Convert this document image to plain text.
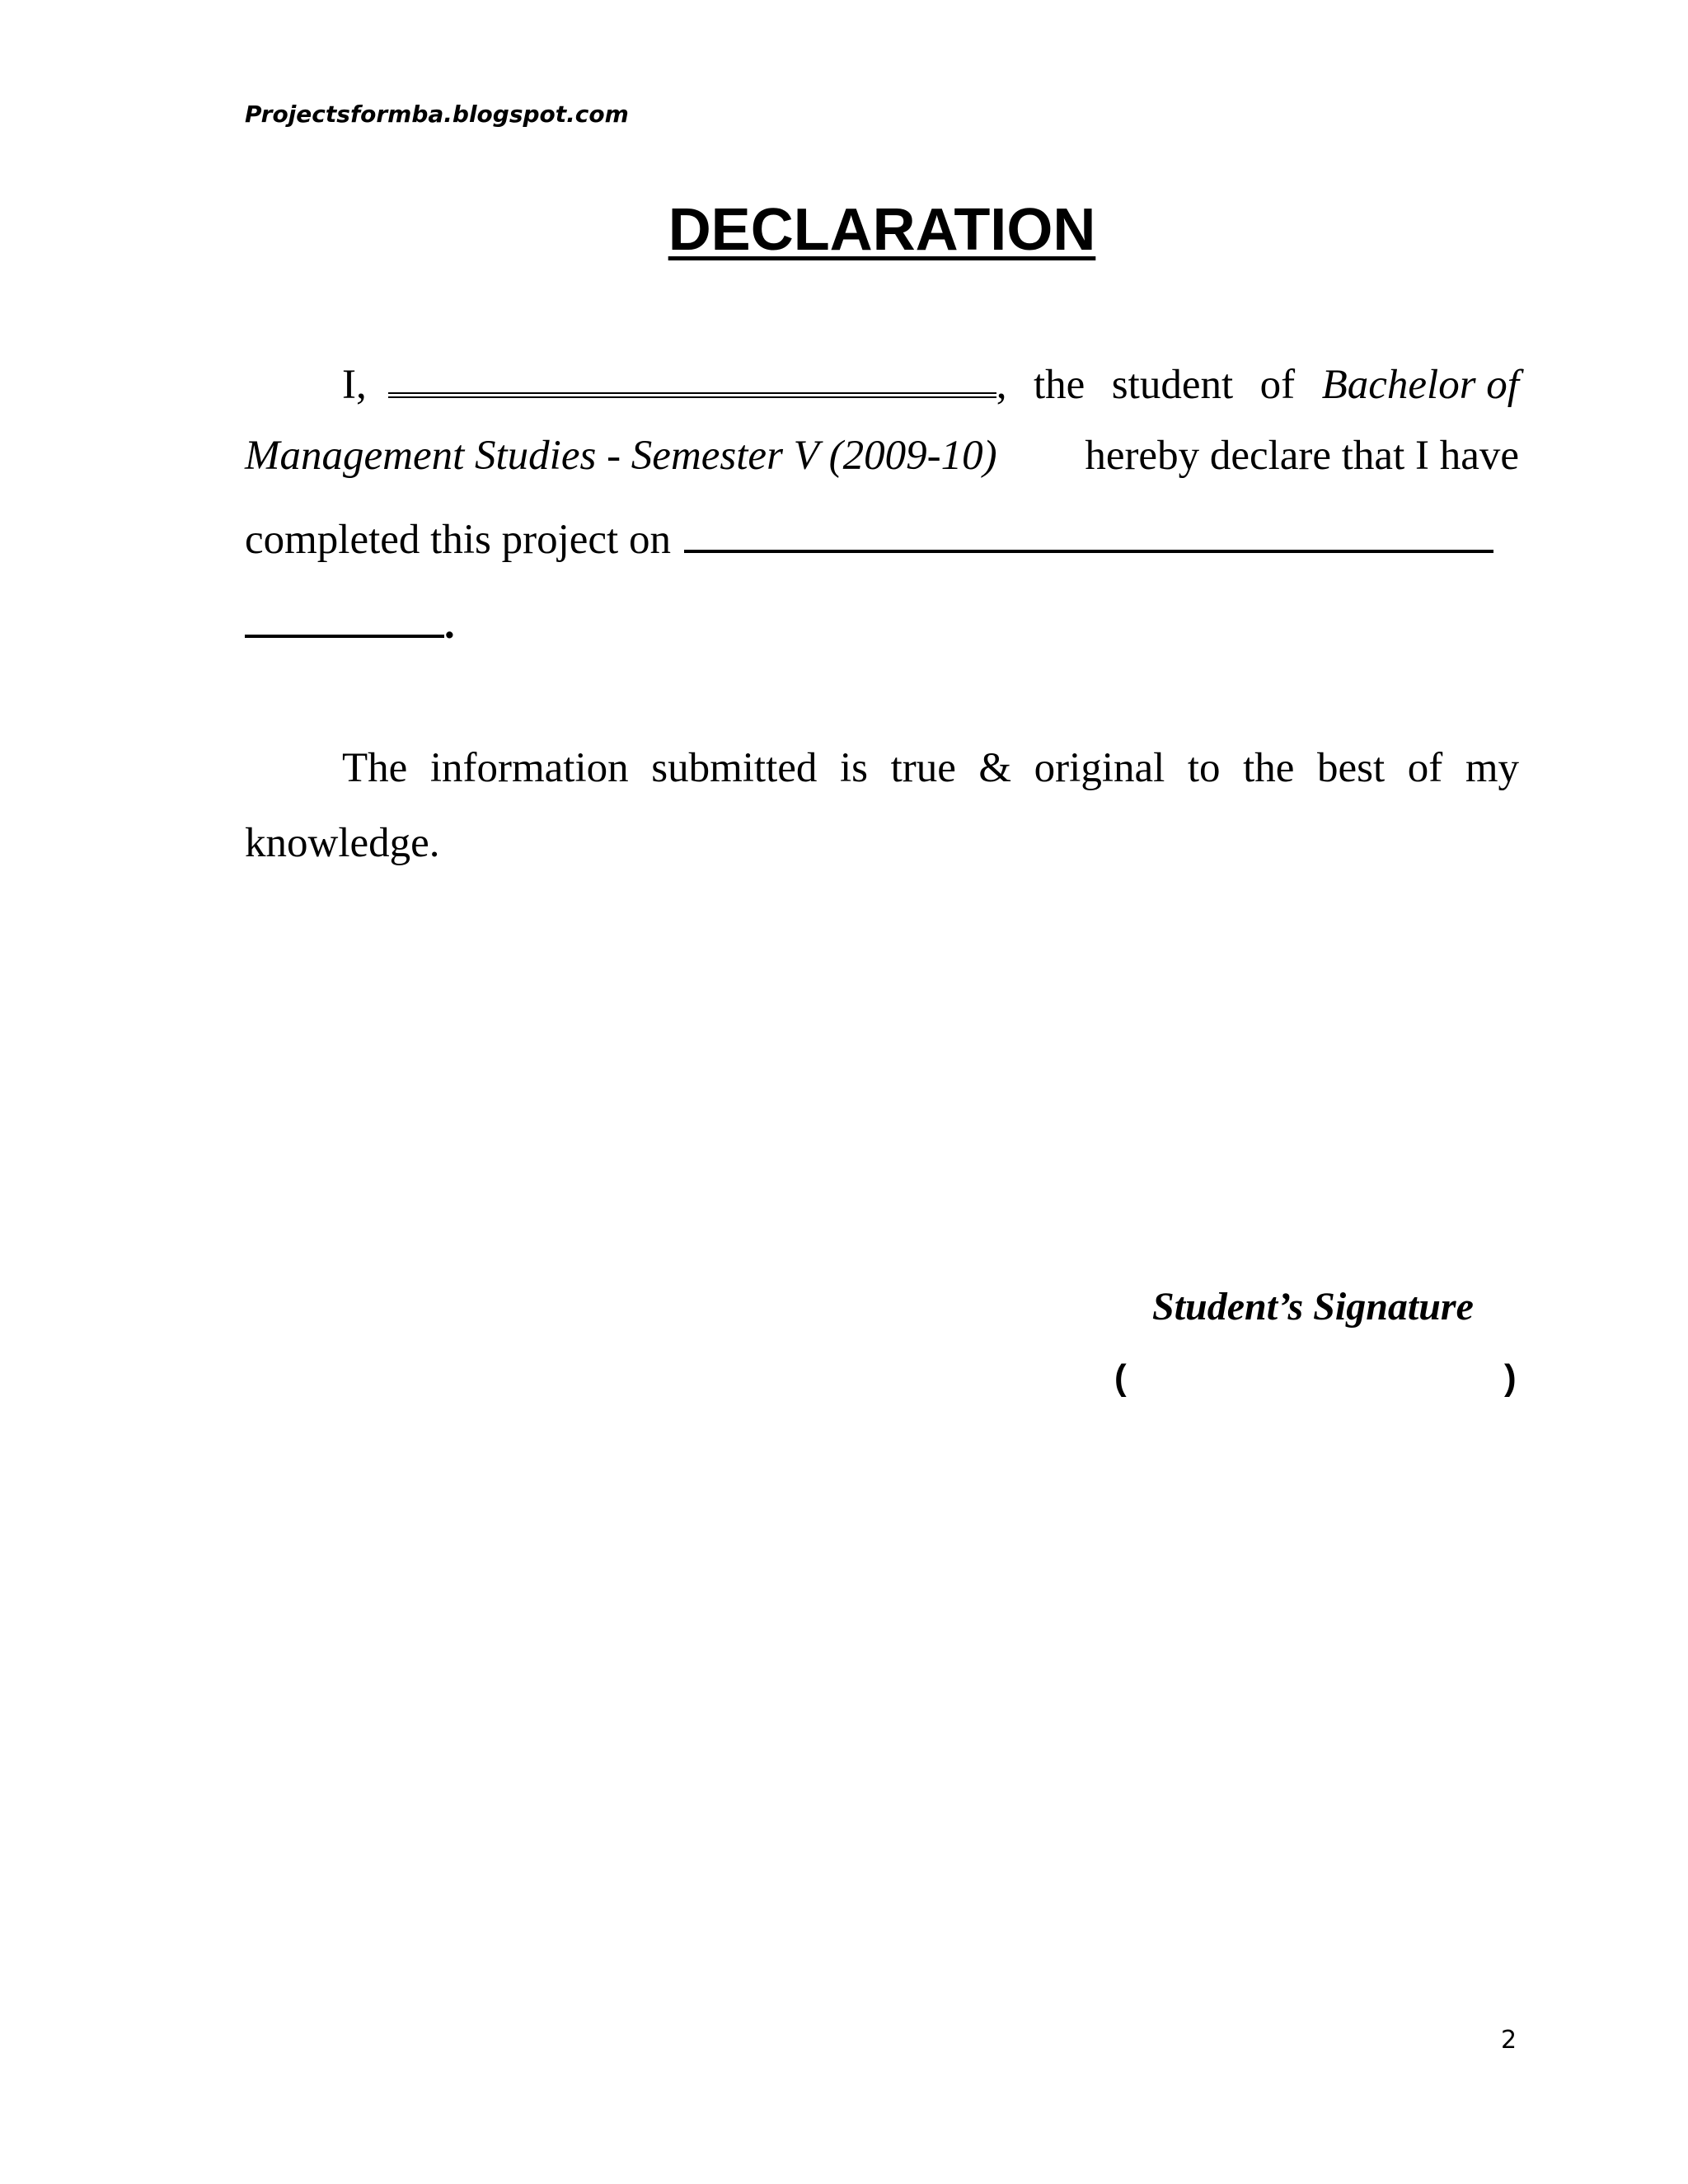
Projectsformba.blogspot.com
DECLARATION
I,	, the student of Bachelor of
Management Studies - Semester V (2009-10) hereby declare that I have
completed this project on
.
The information submitted is true & original to the best of my
knowledge.
Student’s Signature
(	)
2
